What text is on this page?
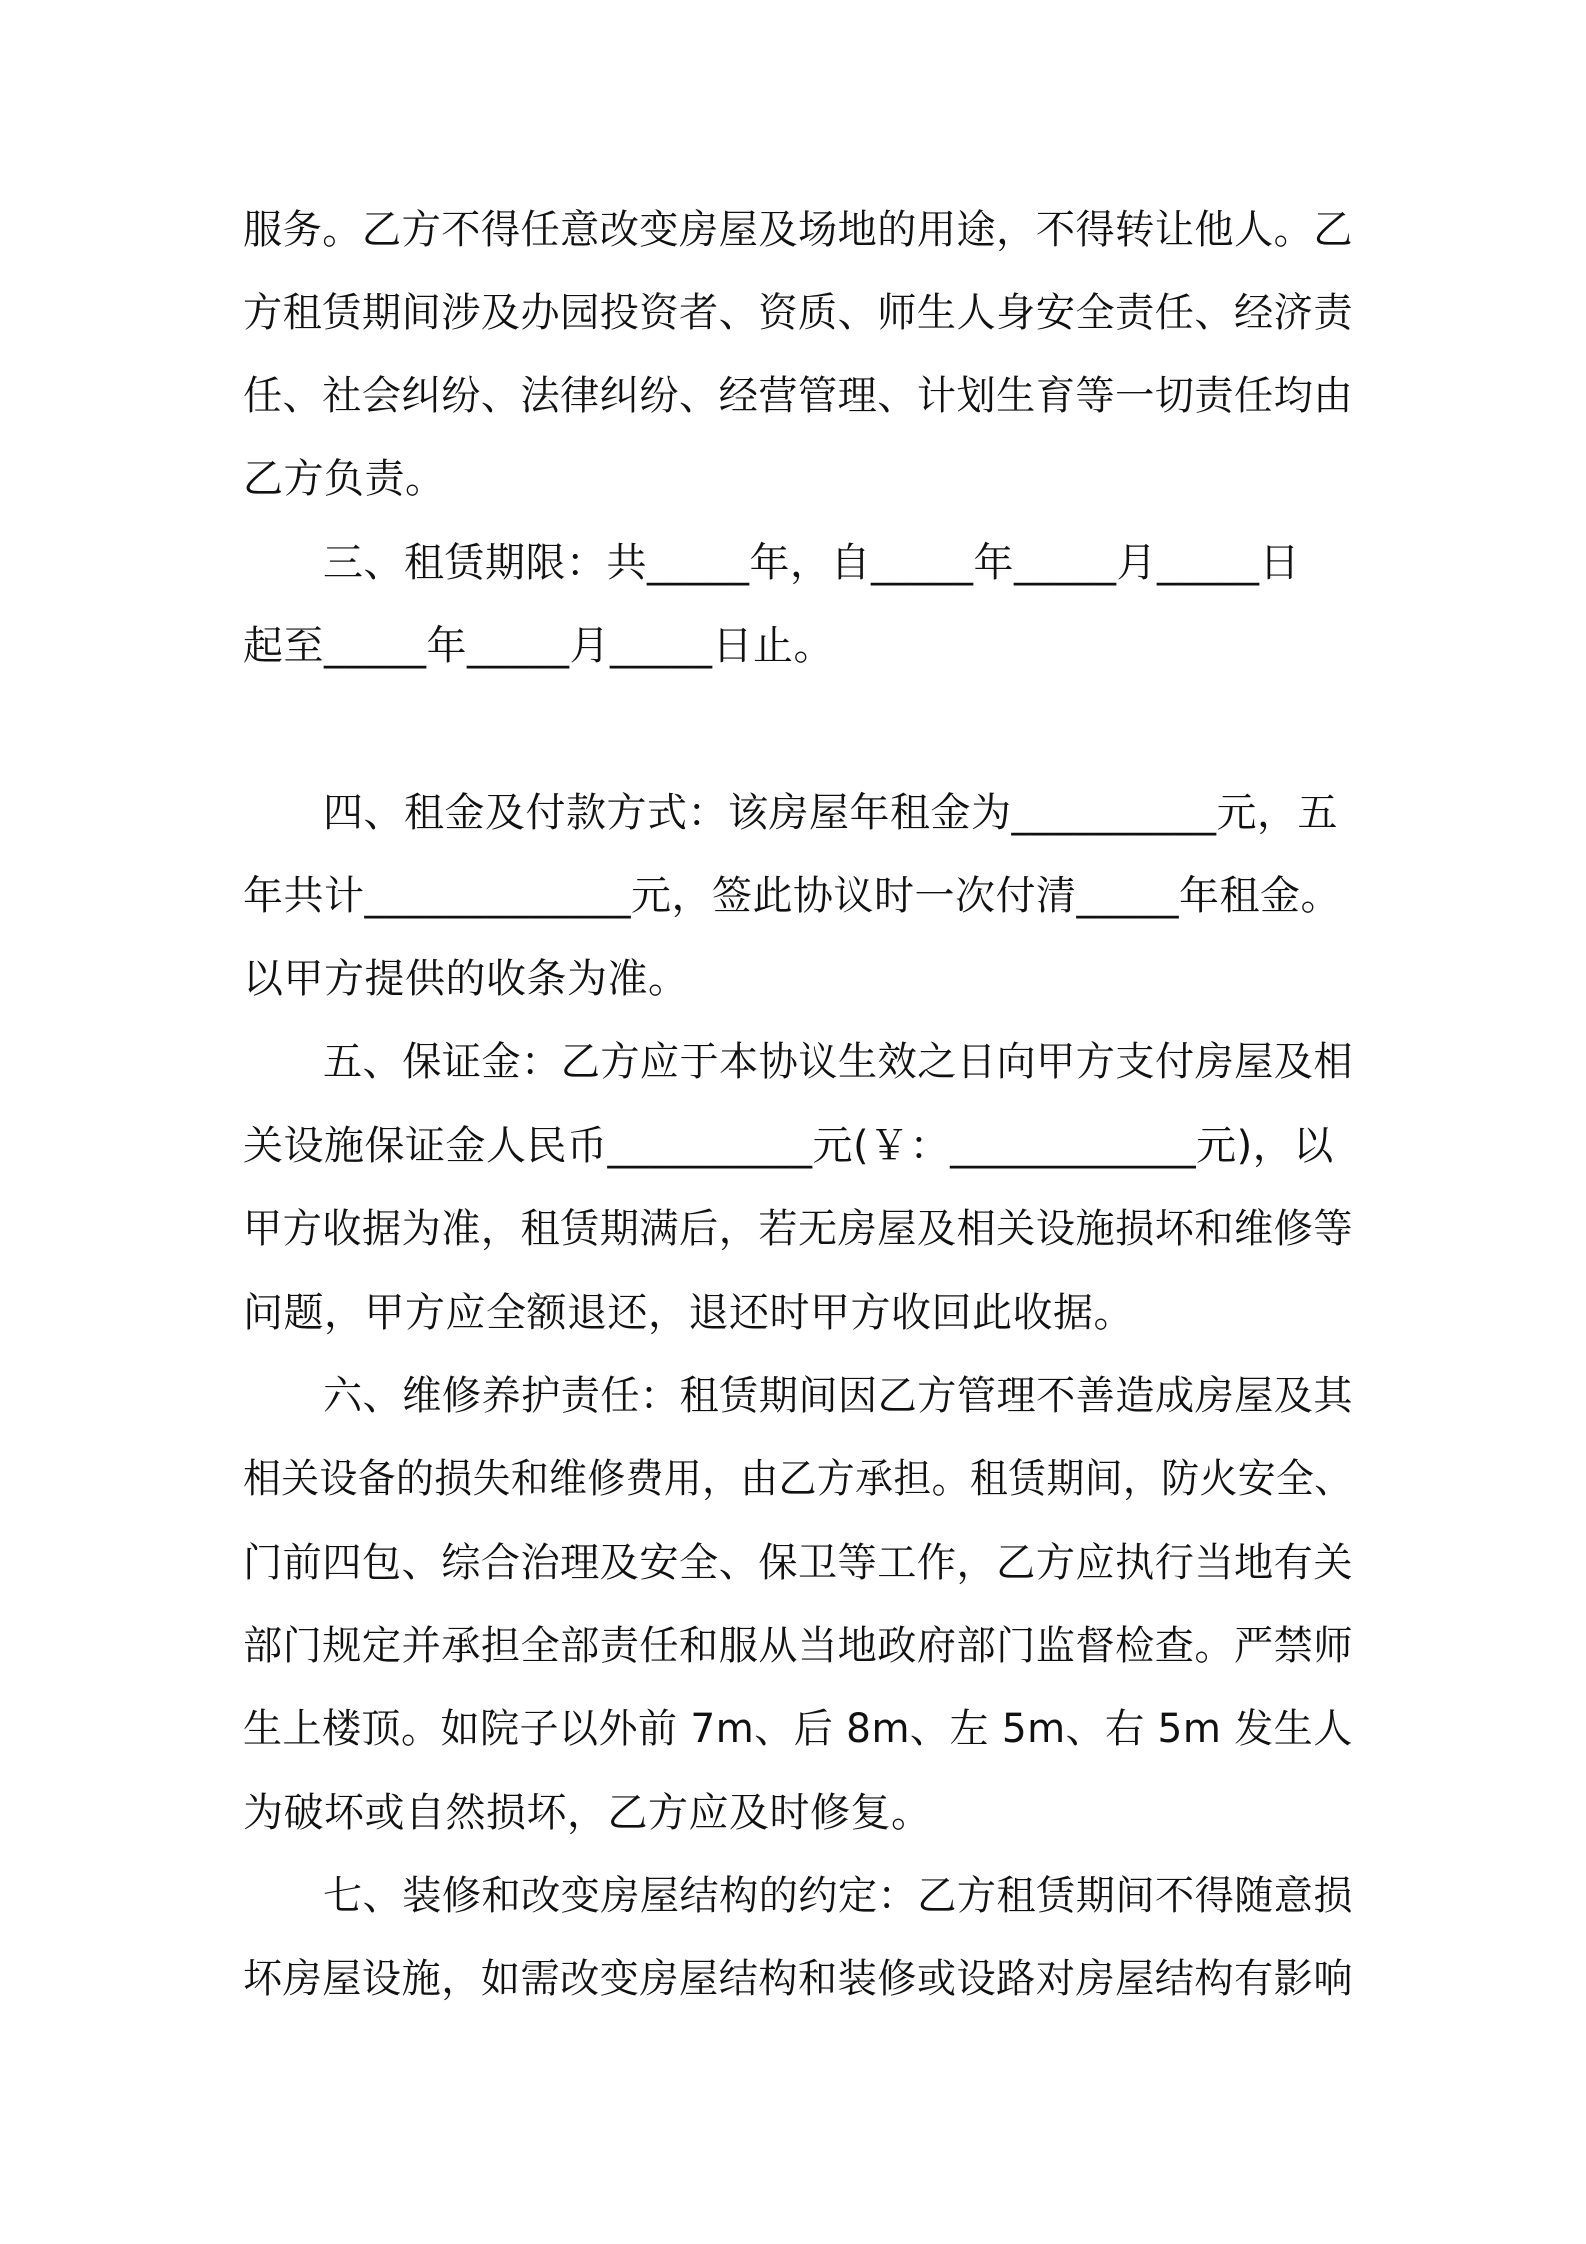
服务。乙方不得任意改变房屋及场地的用途，不得转让他人。乙
方租赁期间涉及办园投资者、资质、师生人身安全责任、经济责
任、社会纠纷、法律纠纷、经营管理、计划生育等一切责任均由
乙方负责。
三、租赁期限：共_____年，自_____年_____月_____日
起至_____年_____月_____日止。
四、租金及付款方式：该房屋年租金为__________元，五
年共计_____________元，签此协议时一次付清_____年租金。
以甲方提供的收条为准。
五、保证金：乙方应于本协议生效之日向甲方支付房屋及相
关设施保证金人民币__________元(￥：____________元)，以
甲方收据为准，租赁期满后，若无房屋及相关设施损坏和维修等
问题，甲方应全额退还，退还时甲方收回此收据。
六、维修养护责任：租赁期间因乙方管理不善造成房屋及其
相关设备的损失和维修费用，由乙方承担。租赁期间，防火安全、
门前四包、综合治理及安全、保卫等工作，乙方应执行当地有关
部门规定并承担全部责任和服从当地政府部门监督检查。严禁师
生上楼顶。如院子以外前 7m、后 8m、左 5m、右 5m 发生人
为破坏或自然损坏，乙方应及时修复。
七、装修和改变房屋结构的约定：乙方租赁期间不得随意损
坏房屋设施，如需改变房屋结构和装修或设路对房屋结构有影响
